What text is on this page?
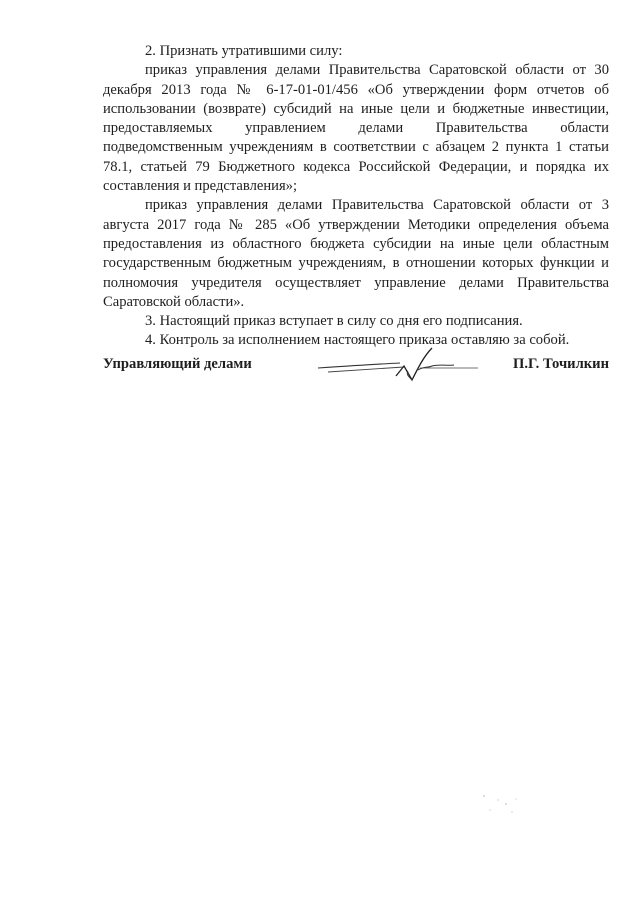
2. Признать утратившими силу:

приказ управления делами Правительства Саратовской области от 30 декабря 2013 года № 6-17-01-01/456 «Об утверждении форм отчетов об использовании (возврате) субсидий на иные цели и бюджетные инвестиции, предоставляемых управлением делами Правительства области подведомственным учреждениям в соответствии с абзацем 2 пункта 1 статьи 78.1, статьей 79 Бюджетного кодекса Российской Федерации, и порядка их составления и представления»;

приказ управления делами Правительства Саратовской области от 3 августа 2017 года № 285 «Об утверждении Методики определения объема предоставления из областного бюджета субсидии на иные цели областным государственным бюджетным учреждениям, в отношении которых функции и полномочия учредителя осуществляет управление делами Правительства Саратовской области».

3. Настоящий приказ вступает в силу со дня его подписания.

4. Контроль за исполнением настоящего приказа оставляю за собой.

Управляющий делами	П.Г. Точилкин
